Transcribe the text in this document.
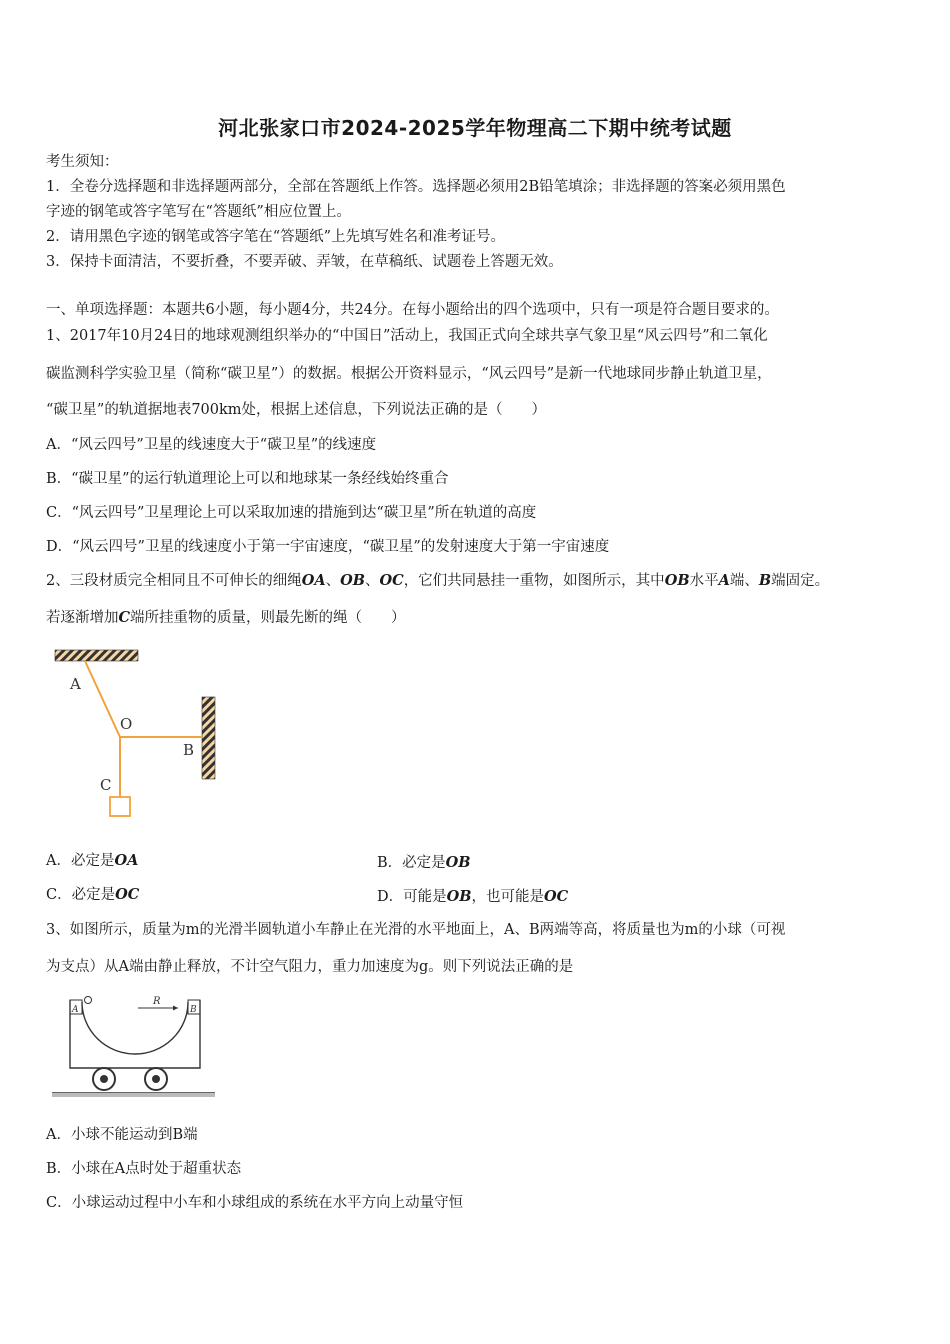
河北张家口市2024-2025学年物理高二下期中统考试题
考生须知：
1．全卷分选择题和非选择题两部分，全部在答题纸上作答。选择题必须用2B铅笔填涂；非选择题的答案必须用黑色
字迹的钢笔或答字笔写在“答题纸”相应位置上。
2．请用黑色字迹的钢笔或答字笔在“答题纸”上先填写姓名和准考证号。
3．保持卡面清洁，不要折叠，不要弄破、弄皱，在草稿纸、试题卷上答题无效。
一、单项选择题：本题共6小题，每小题4分，共24分。在每小题给出的四个选项中，只有一项是符合题目要求的。
1、2017年10月24日的地球观测组织举办的“中国日”活动上，我国正式向全球共享气象卫星“风云四号”和二氧化
碳监测科学实验卫星（简称“碳卫星”）的数据。根据公开资料显示，“风云四号”是新一代地球同步静止轨道卫星，
“碳卫星”的轨道据地表700km处，根据上述信息，下列说法正确的是（　　）
A．“风云四号”卫星的线速度大于“碳卫星”的线速度
B．“碳卫星”的运行轨道理论上可以和地球某一条经线始终重合
C．“风云四号”卫星理论上可以采取加速的措施到达“碳卫星”所在轨道的高度
D．“风云四号”卫星的线速度小于第一宇宙速度，“碳卫星”的发射速度大于第一宇宙速度
2、三段材质完全相同且不可伸长的细绳OA、OB、OC，它们共同悬挂一重物，如图所示，其中OB水平A端、B端固定。
若逐渐增加C端所挂重物的质量，则最先断的绳（　　）
A
O
B
C
A．必定是OA	B．必定是OB
C．必定是OC	D．可能是OB，也可能是OC
3、如图所示，质量为m的光滑半圆轨道小车静止在光滑的水平地面上，A、B两端等高，将质量也为m的小球（可视
为支点）从A端由静止释放，不计空气阻力，重力加速度为g。则下列说法正确的是
R
A	B
A．小球不能运动到B端
B．小球在A点时处于超重状态
C．小球运动过程中小车和小球组成的系统在水平方向上动量守恒
